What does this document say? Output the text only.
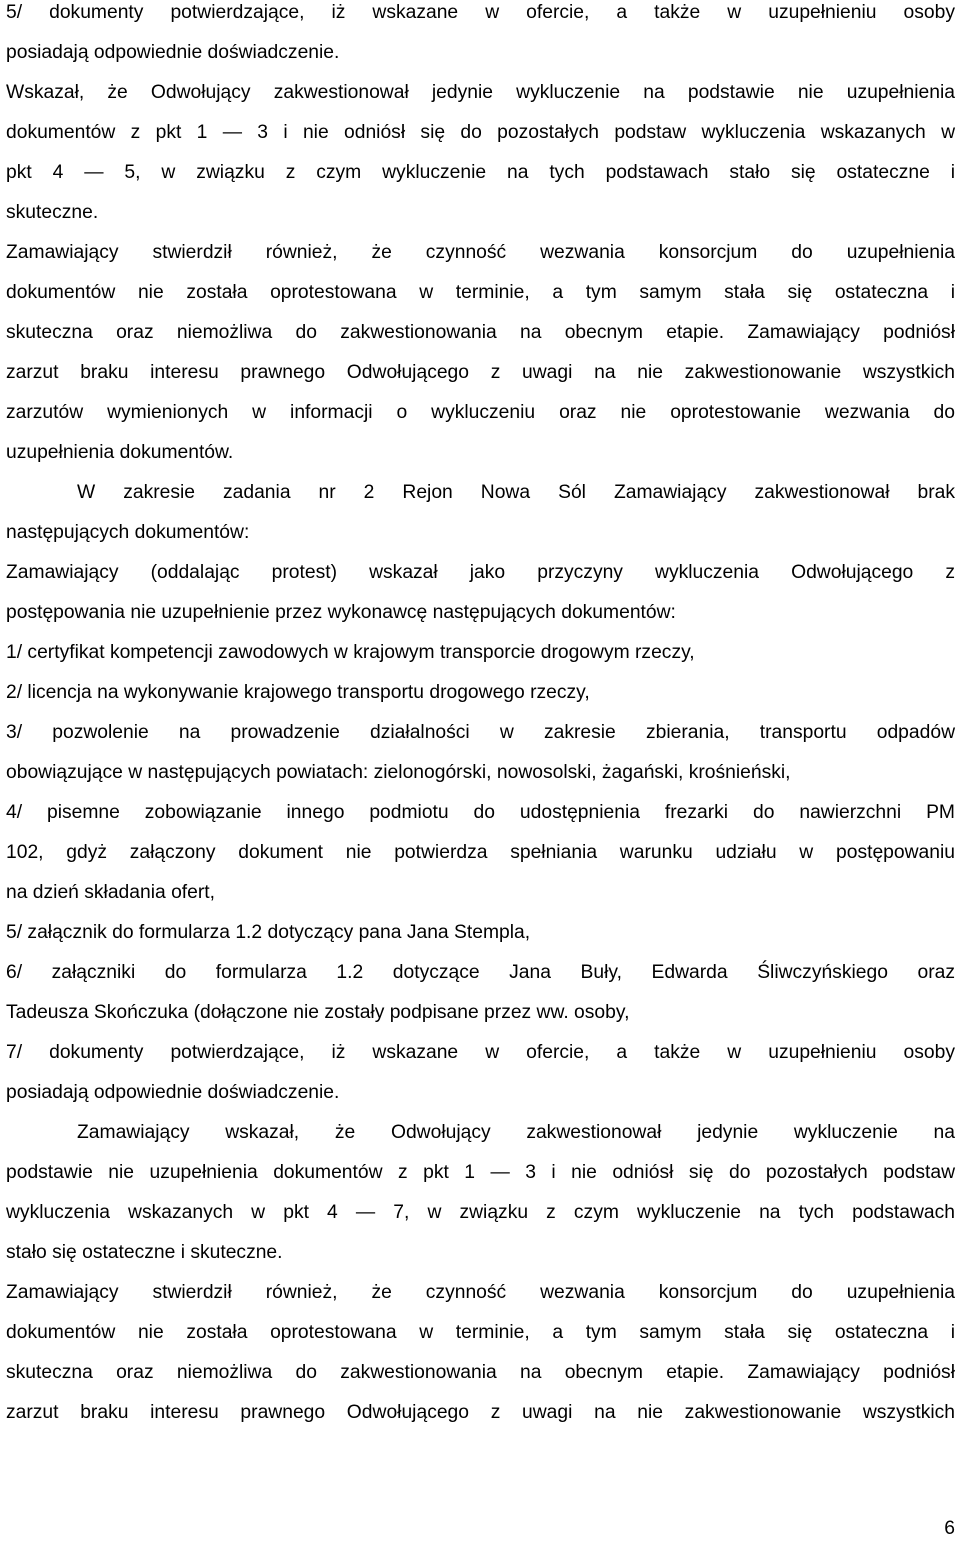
5/ dokumenty potwierdzające, iż wskazane w ofercie, a także w uzupełnieniu osoby
posiadają odpowiednie doświadczenie.
Wskazał, że Odwołujący zakwestionował jedynie wykluczenie na podstawie nie uzupełnienia
dokumentów z pkt 1 — 3 i nie odniósł się do pozostałych podstaw wykluczenia wskazanych w
pkt 4 — 5, w związku z czym wykluczenie na tych podstawach stało się ostateczne i
skuteczne.
Zamawiający stwierdził również, że czynność wezwania konsorcjum do uzupełnienia
dokumentów nie została oprotestowana w terminie, a tym samym stała się ostateczna i
skuteczna oraz niemożliwa do zakwestionowania na obecnym etapie. Zamawiający podniósł
zarzut braku interesu prawnego Odwołującego z uwagi na nie zakwestionowanie wszystkich
zarzutów wymienionych w informacji o wykluczeniu oraz nie oprotestowanie wezwania do
uzupełnienia dokumentów.
W zakresie zadania nr 2 Rejon Nowa Sól Zamawiający zakwestionował brak
następujących dokumentów:
Zamawiający (oddalając protest) wskazał jako przyczyny wykluczenia Odwołującego z
postępowania nie uzupełnienie przez wykonawcę następujących dokumentów:
1/ certyfikat kompetencji zawodowych w krajowym transporcie drogowym rzeczy,
2/ licencja na wykonywanie krajowego transportu drogowego rzeczy,
3/ pozwolenie na prowadzenie działalności w zakresie zbierania, transportu odpadów
obowiązujące w następujących powiatach: zielonogórski, nowosolski, żagański, krośnieński,
4/ pisemne zobowiązanie innego podmiotu do udostępnienia frezarki do nawierzchni PM
102, gdyż załączony dokument nie potwierdza spełniania warunku udziału w postępowaniu
na dzień składania ofert,
5/ załącznik do formularza 1.2 dotyczący pana Jana Stempla,
6/ załączniki do formularza 1.2 dotyczące Jana Buły, Edwarda Śliwczyńskiego oraz
Tadeusza Skończuka (dołączone nie zostały podpisane przez ww. osoby,
7/ dokumenty potwierdzające, iż wskazane w ofercie, a także w uzupełnieniu osoby
posiadają odpowiednie doświadczenie.
Zamawiający wskazał, że Odwołujący zakwestionował jedynie wykluczenie na
podstawie nie uzupełnienia dokumentów z pkt 1 — 3 i nie odniósł się do pozostałych podstaw
wykluczenia wskazanych w pkt 4 — 7, w związku z czym wykluczenie na tych podstawach
stało się ostateczne i skuteczne.
Zamawiający stwierdził również, że czynność wezwania konsorcjum do uzupełnienia
dokumentów nie została oprotestowana w terminie, a tym samym stała się ostateczna i
skuteczna oraz niemożliwa do zakwestionowania na obecnym etapie. Zamawiający podniósł
zarzut braku interesu prawnego Odwołującego z uwagi na nie zakwestionowanie wszystkich
6
